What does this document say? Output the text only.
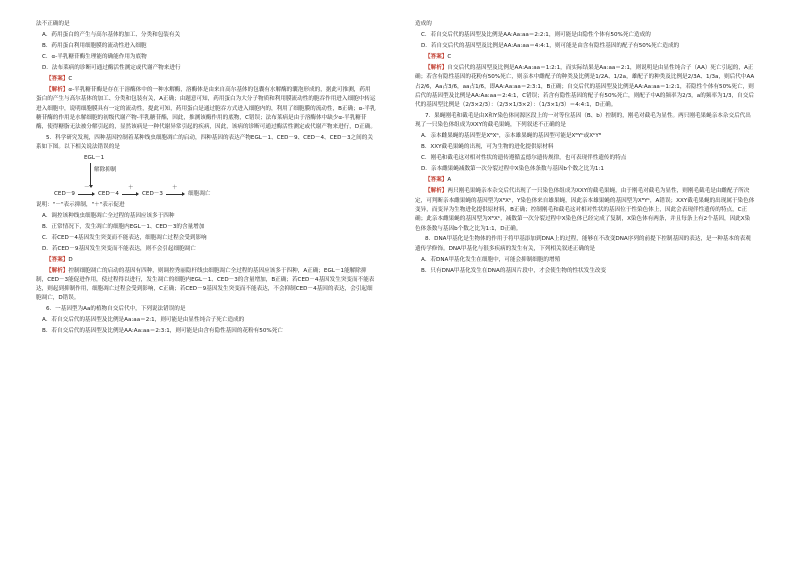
法不正确的是

A．药用蛋白的产生与高尔基体的加工、分类和包装有关

B．药用蛋白利用细胞膜的流动性进入细胞

C．α-半乳糖苷酶生理能的确能作用为底物

D．法布莱病的诊断可通过酶活性测定或代谢产物来进行

【答案】C

【解析】α-半乳糖苷酶是存在于溶酶体中的一种水解酶，溶酶体是由来自高尔基体的包囊有水解酶的囊泡形成的，据此可推测，药用蛋白的产生与高尔基体的加工、分类和包装有关，A正确；由题意可知，药用蛋白为大分子物质和利用膜流动性的胞吞作用进入细胞中转运进入细胞中，说明细胞膜具有一定的流动性，提此可知，药用蛋白是通过胞吞方式进入细胞内的，利用了细胞膜的流动性，B正确；α-半乳糖苷酶的作用是水解细胞的初级代谢产物-半乳糖苷酯，因此，推测该酶作用的底物，C错误；法布莱病是由于溶酶体中缺少α-半乳糖苷酶，使得糖脂无法被分解引起的，显然该病是一种代谢异常引起的疾病，因此，该病的诊断可通过酶活性测定或代谢产物来进行，D正确。

5．科学研究发现，四种基因控制着某种线虫细胞凋亡的启动，四种基因的表达产物EGL－1、CED－9、CED－4、CED－3之间的关系如下图。以下相关说法错误的是

EGL－1
解除抑制
CED－9
－
CED－4
＋
CED－3
＋
细胞凋亡

说明："－"表示抑制，"＋"表示促进

A．调控该种线虫细胞凋亡全过程的基因应该多于四种

B．正常情况下，发生凋亡的细胞内EGL－1、CED－3的含量增加

C．若CED－4基因发生突变而不能表达，细胞凋亡过程会受到影响

D．若CED－9基因发生突变而不能表达，则不会引起细胞凋亡

【答案】D

【解析】控制细胞凋亡的启动的基因有四种，则调控秀丽隐杆线虫细胞凋亡全过程的基因应该多于四种，A正确；EGL－1能解除抑制，CED－3能促进作用，使过程得以进行，发生凋亡的细胞内EGL－1、CED－3的含量增加，B正确；若CED－4基因发生突变而不能表达，则起到抑制作用，细胞凋亡过程会受到影响，C正确；若CED－9基因发生突变而不能表达，不会抑制CED－4基因的表达，会引起细胞凋亡，D错误。

6．一基因型为Aa的植物自交后代中，下列说法错误的是

A．若自交后代的基因型及比例是Aa:aa＝2:1，则可能是由显性纯合子死亡造成的

B．若自交后代的基因型及比例是AA:Aa:aa＝2:3:1，则可能是由含有隐性基因的花粉有50%死亡

造成的

C．若自交后代的基因型及比例是AA:Aa:aa＝2:2:1，则可能是由隐性个体有50%死亡造成的

D．若自交后代的基因型及比例是AA:Aa:aa＝4:4:1，则可能是由含有隐性基因的配子有50%死亡造成的

【答案】C

【解析】自交后代的基因型及比例是AA:Aa:aa＝1:2:1，而实际结果是Aa:aa＝2:1，则说明是由显性纯合子（AA）死亡引起的，A正确；若含有隐性基因的花粉有50%死亡，则亲本中雌配子的种类及比例是1/2A、1/2a，雄配子的种类及比例是2/3A、1/3a，则后代中AA占2/6，Aa占3/6，aa占1/6，即AA:Aa:aa＝2:3:1，B正确；自交后代的基因型及比例是AA:Aa:aa＝1:2:1，若隐性个体有50%死亡，则后代的基因型及比例是AA:Aa:aa＝2:4:1，C错误；若含有隐性基因的配子有50%死亡，则配子中A的频率为2/3，a的频率为1/3，自交后代的基因型比例是（2/3×2/3）：（2/3×1/3×2）：（1/3×1/3）＝4:4:1，D正确。

7．果蝇刚毛和截毛是由X和Y染色体同源区段上的一对等位基因（B、b）控制的，刚毛对截毛为显性。两只刚毛果蝇亲本杂交后代出现了一只染色体组成为XXY的截毛果蝇，下列叙述不正确的是

A．亲本雌果蝇的基因型是XᴮXᵇ，亲本雄果蝇的基因型可能是XᴮYᵇ或XᵇYᴮ

B．XXY截毛果蝇的出现，可为生物的进化提供原材料

C．刚毛和截毛这对相对性状的遗传遵循孟德尔遗传规律，也可表现伴性遗传的特点

D．亲本雌果蝇减数第一次分裂过程中X染色体条数与基因b个数之比为1:1

【答案】A

【解析】两只刚毛果蝇亲本杂交后代出现了一只染色体组成为XXY的截毛果蝇，由于刚毛对截毛为显性，则刚毛截毛是由雌配子所决定，可判断亲本雌果蝇的基因型为XᴮXᵇ，Y染色体来自雄果蝇，因此亲本雄果蝇的基因型为XᴮYᵇ，A错误；XXY截毛果蝇的出现属于染色体变异，而变异为生物进化提供原材料，B正确；控制刚毛和截毛这对相对性状的基因位于性染色体上，因此会表现伴性遗传的特点，C正确；此亲本雌果蝇的基因型为XᴮXᵇ，减数第一次分裂过程中X染色体已经完成了复制，X染色体有两条，并且每条上有2个基因，因此X染色体条数与基因b个数之比为1:1，D正确。

8．DNA甲基化是生物体的作用于将甲基添加到DNA上的过程，能够在不改变DNA序列的前提下控制基因的表达，是一种基本的表观遗传学修饰。DNA甲基化与很多疾病的发生有关，下列相关叙述正确的是

A．若DNA甲基化发生在细胞中，可能会抑制细胞的增殖

B．只有DNA甲基化发生在DNA的基因片段中，才会使生物的性状发生改变
